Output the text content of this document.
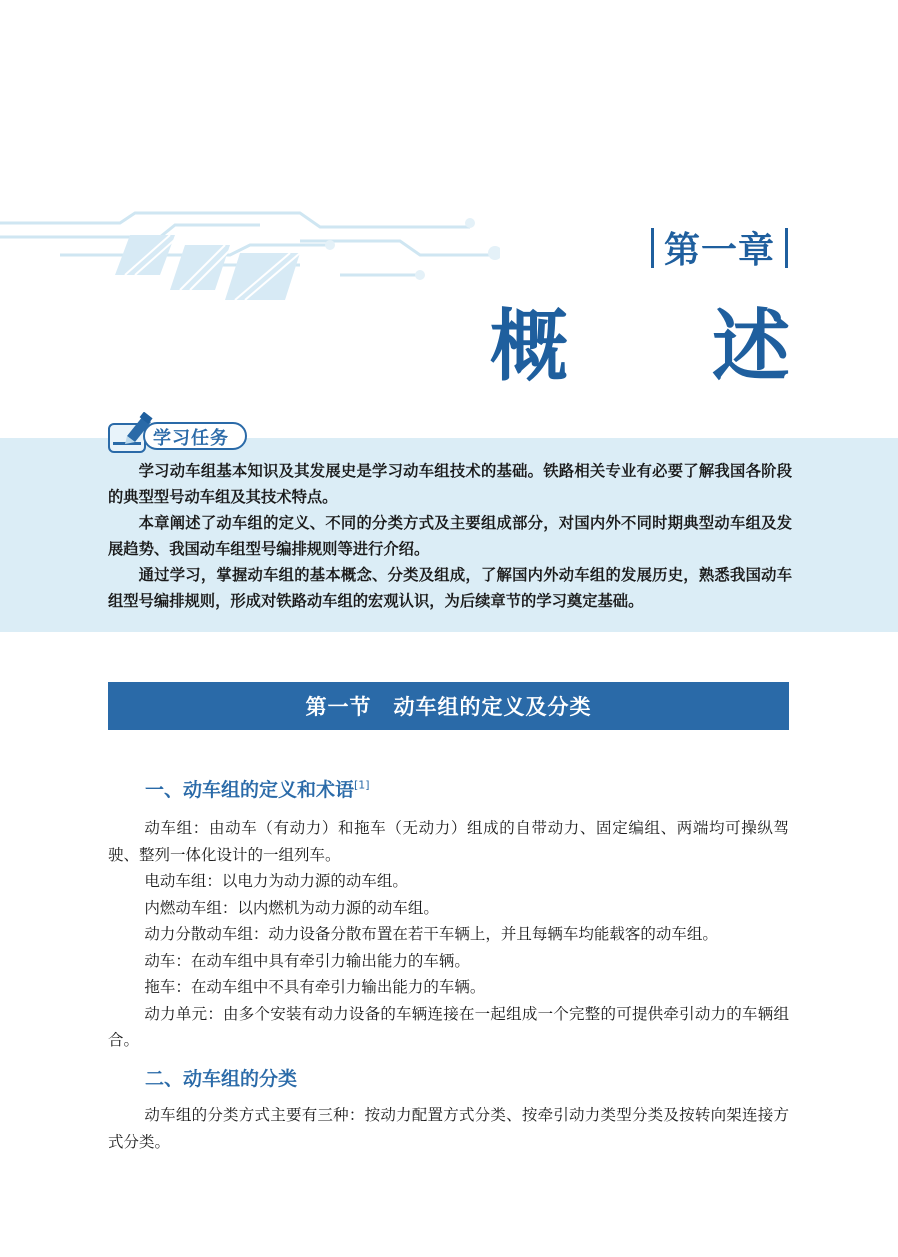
第一章
概 述
学习任务

学习动车组基本知识及其发展史是学习动车组技术的基础。铁路相关专业有必要了解我国各阶段的典型型号动车组及其技术特点。

本章阐述了动车组的定义、不同的分类方式及主要组成部分，对国内外不同时期典型动车组及发展趋势、我国动车组型号编排规则等进行介绍。

通过学习，掌握动车组的基本概念、分类及组成，了解国内外动车组的发展历史，熟悉我国动车组型号编排规则，形成对铁路动车组的宏观认识，为后续章节的学习奠定基础。

第一节　动车组的定义及分类
一、动车组的定义和术语[1]

动车组：由动车（有动力）和拖车（无动力）组成的自带动力、固定编组、两端均可操纵驾驶、整列一体化设计的一组列车。

电动车组：以电力为动力源的动车组。

内燃动车组：以内燃机为动力源的动车组。

动力分散动车组：动力设备分散布置在若干车辆上，并且每辆车均能载客的动车组。

动车：在动车组中具有牵引力输出能力的车辆。

拖车：在动车组中不具有牵引力输出能力的车辆。

动力单元：由多个安装有动力设备的车辆连接在一起组成一个完整的可提供牵引动力的车辆组合。

二、动车组的分类

动车组的分类方式主要有三种：按动力配置方式分类、按牵引动力类型分类及按转向架连接方式分类。
